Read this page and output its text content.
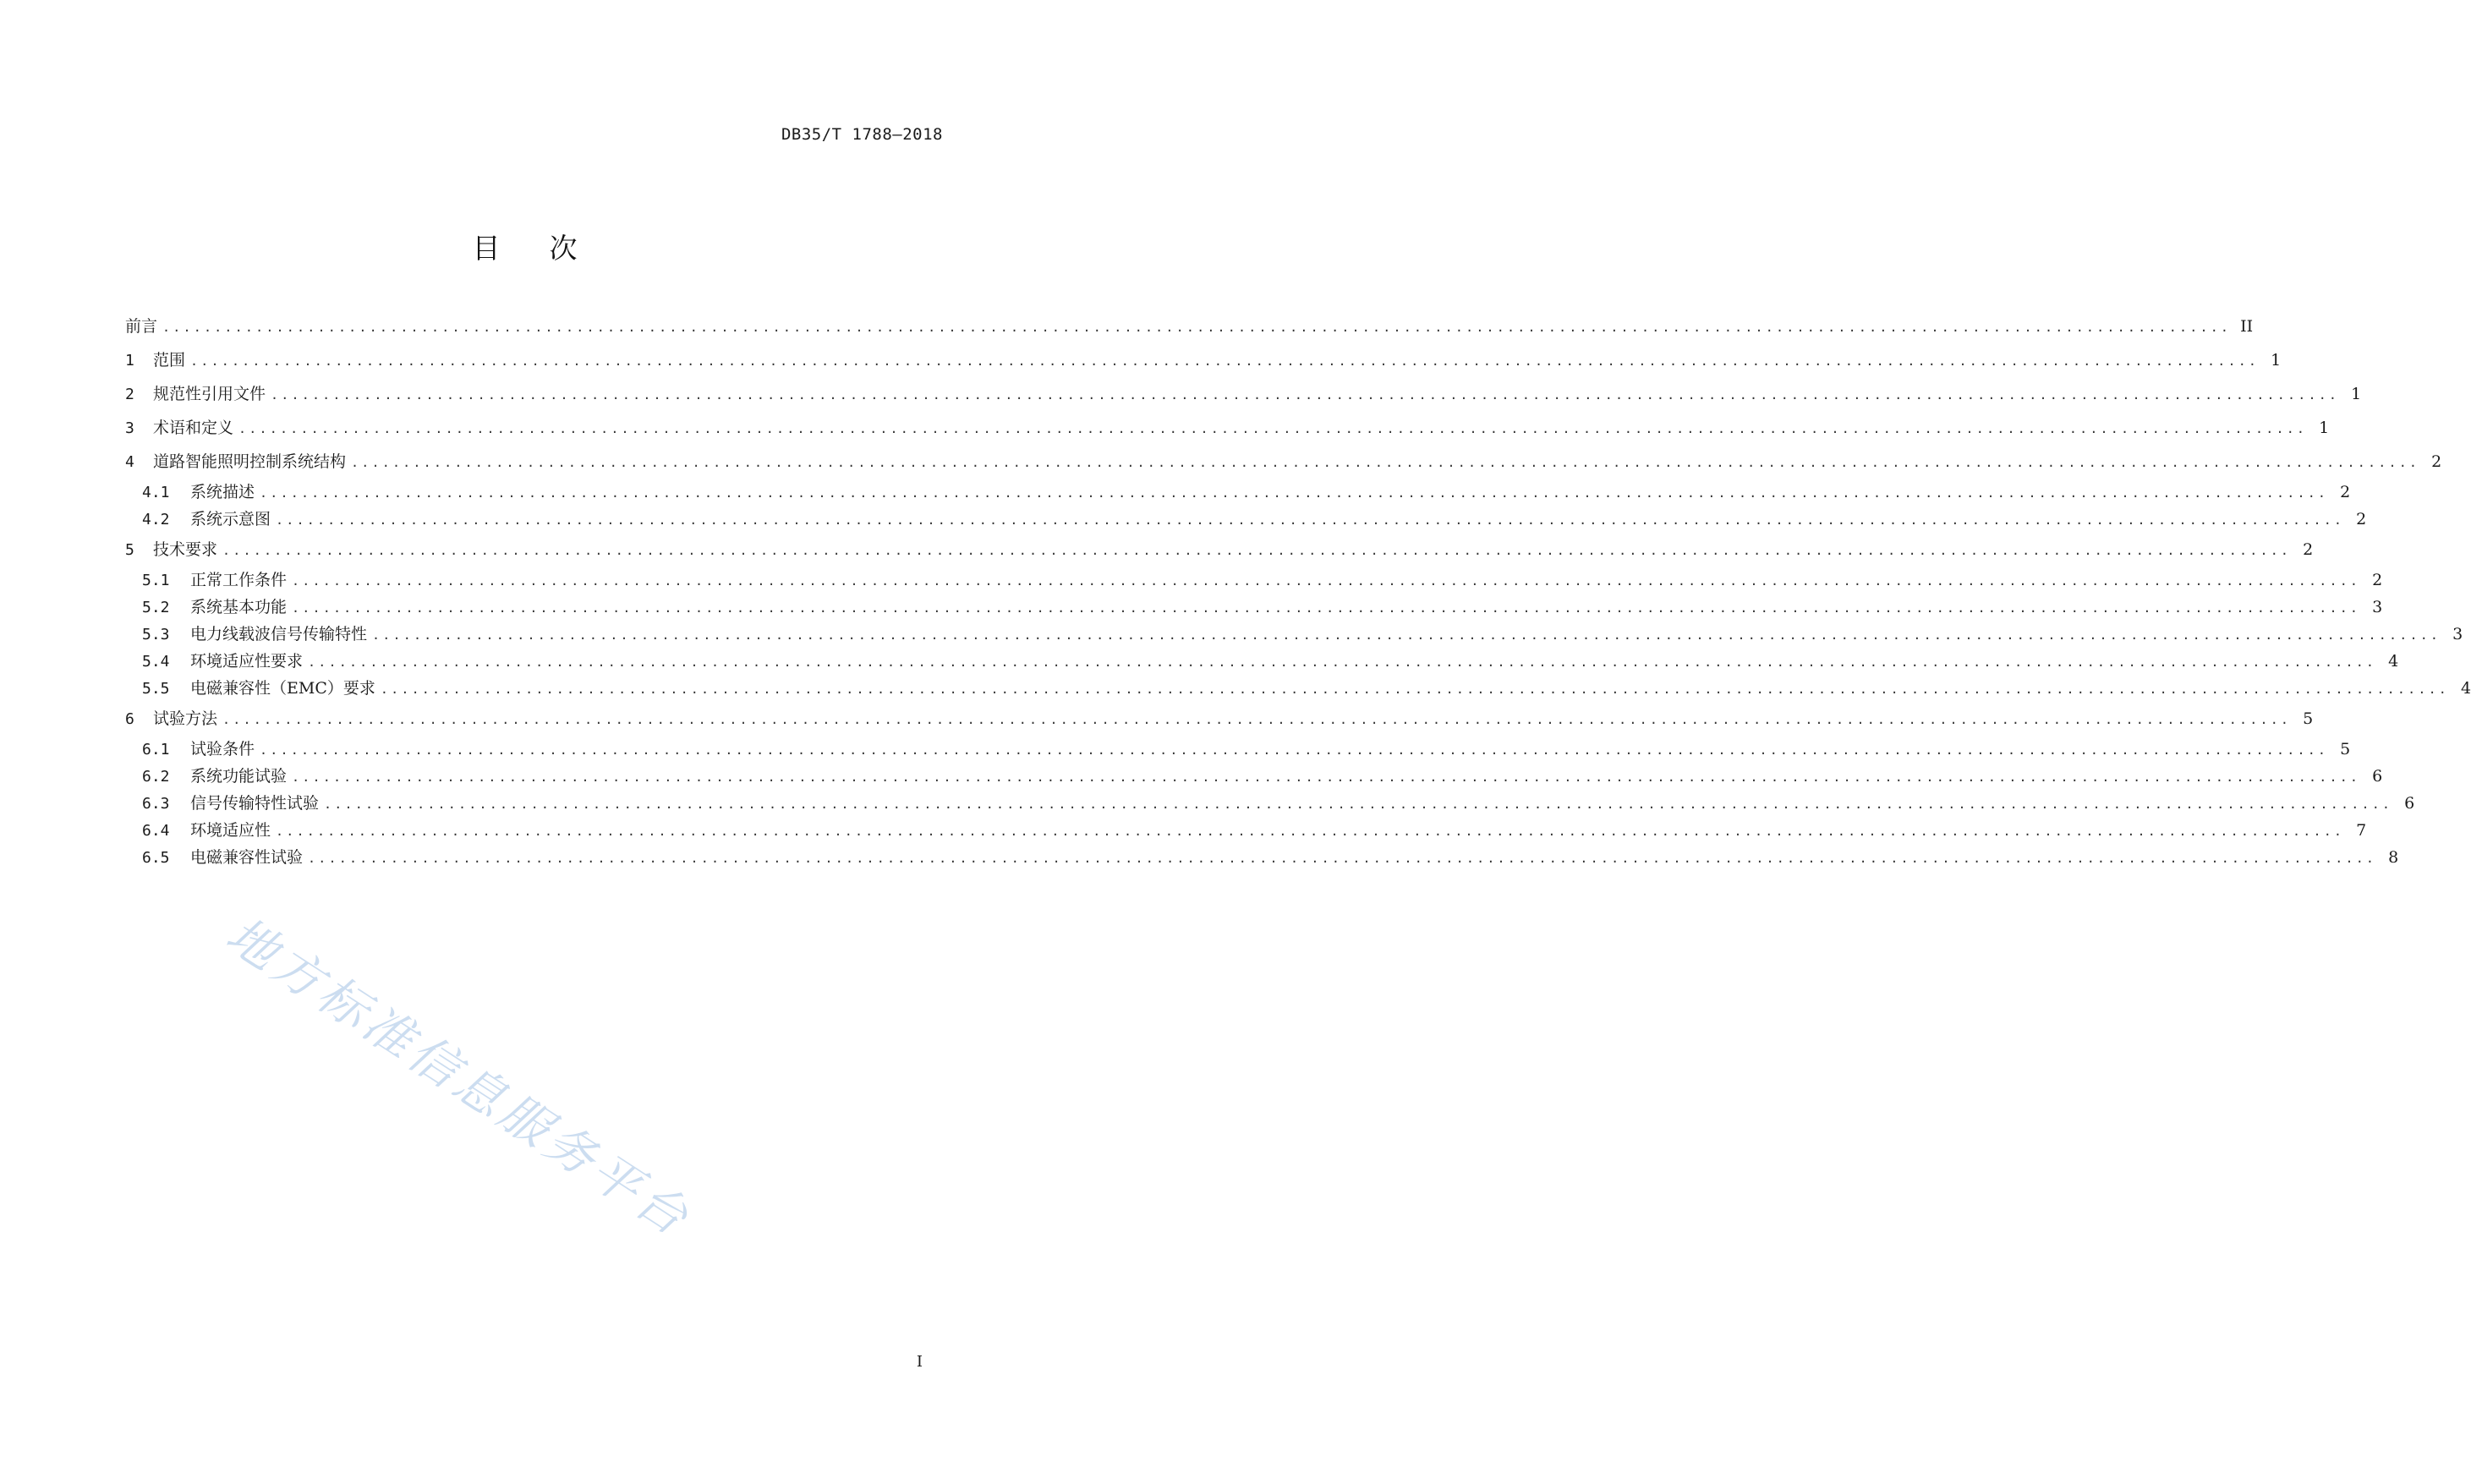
DB35/T 1788—2018
目次
前言 ........................................................................................................................................................................................................ II
1 范围 ........................................................................................................................................................................................................ 1
2 规范性引用文件 ........................................................................................................................................................................................................ 1
3 术语和定义 ........................................................................................................................................................................................................ 1
4 道路智能照明控制系统结构 ........................................................................................................................................................................................................ 2
4.1 系统描述 ........................................................................................................................................................................................................ 2
4.2 系统示意图 ........................................................................................................................................................................................................ 2
5 技术要求 ........................................................................................................................................................................................................ 2
5.1 正常工作条件 ........................................................................................................................................................................................................ 2
5.2 系统基本功能 ........................................................................................................................................................................................................ 3
5.3 电力线载波信号传输特性 ........................................................................................................................................................................................................ 3
5.4 环境适应性要求 ........................................................................................................................................................................................................ 4
5.5 电磁兼容性（EMC）要求 ........................................................................................................................................................................................................ 4
6 试验方法 ........................................................................................................................................................................................................ 5
6.1 试验条件 ........................................................................................................................................................................................................ 5
6.2 系统功能试验 ........................................................................................................................................................................................................ 6
6.3 信号传输特性试验 ........................................................................................................................................................................................................ 6
6.4 环境适应性 ........................................................................................................................................................................................................ 7
6.5 电磁兼容性试验 ........................................................................................................................................................................................................ 8
地方标准信息服务平台
I
